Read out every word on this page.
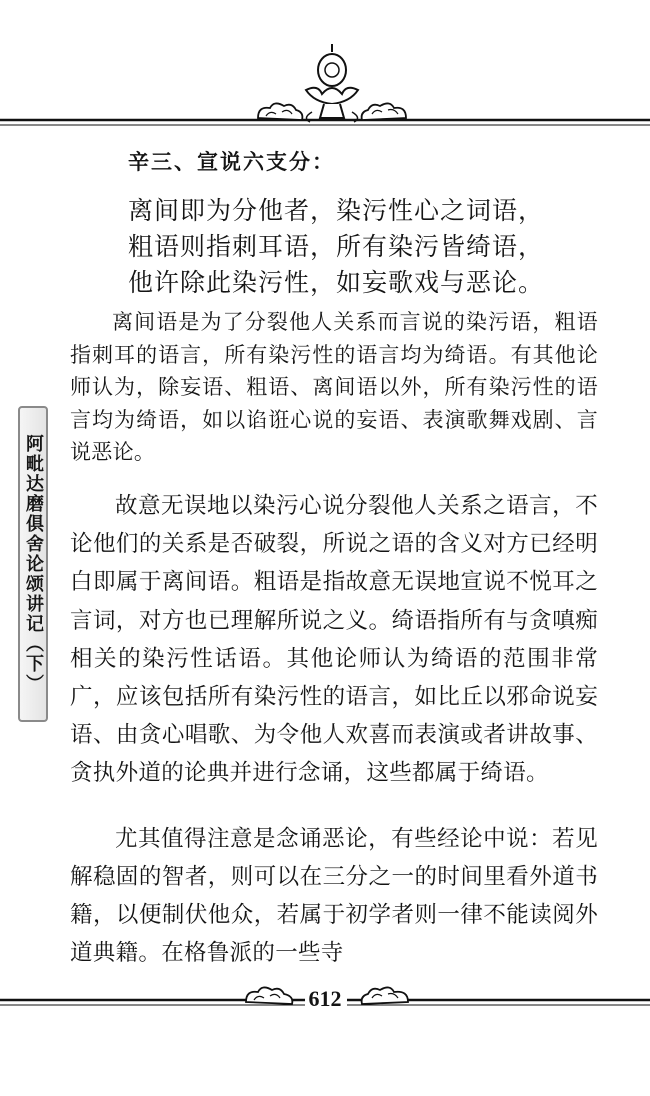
辛三、宣说六支分：
离间即为分他者，染污性心之词语，
粗语则指刺耳语，所有染污皆绮语，
他许除此染污性，如妄歌戏与恶论。

离间语是为了分裂他人关系而言说的染污语，粗语指刺耳的语言，所有染污性的语言均为绮语。有其他论师认为，除妄语、粗语、离间语以外，所有染污性的语言均为绮语，如以谄诳心说的妄语、表演歌舞戏剧、言说恶论。

故意无误地以染污心说分裂他人关系之语言，不论他们的关系是否破裂，所说之语的含义对方已经明白即属于离间语。粗语是指故意无误地宣说不悦耳之言词，对方也已理解所说之义。绮语指所有与贪嗔痴相关的染污性话语。其他论师认为绮语的范围非常广，应该包括所有染污性的语言，如比丘以邪命说妄语、由贪心唱歌、为令他人欢喜而表演或者讲故事、贪执外道的论典并进行念诵，这些都属于绮语。

尤其值得注意是念诵恶论，有些经论中说：若见解稳固的智者，则可以在三分之一的时间里看外道书籍，以便制伏他众，若属于初学者则一律不能读阅外道典籍。在格鲁派的一些寺

阿毗达磨俱舍论颂讲记（下）
612
